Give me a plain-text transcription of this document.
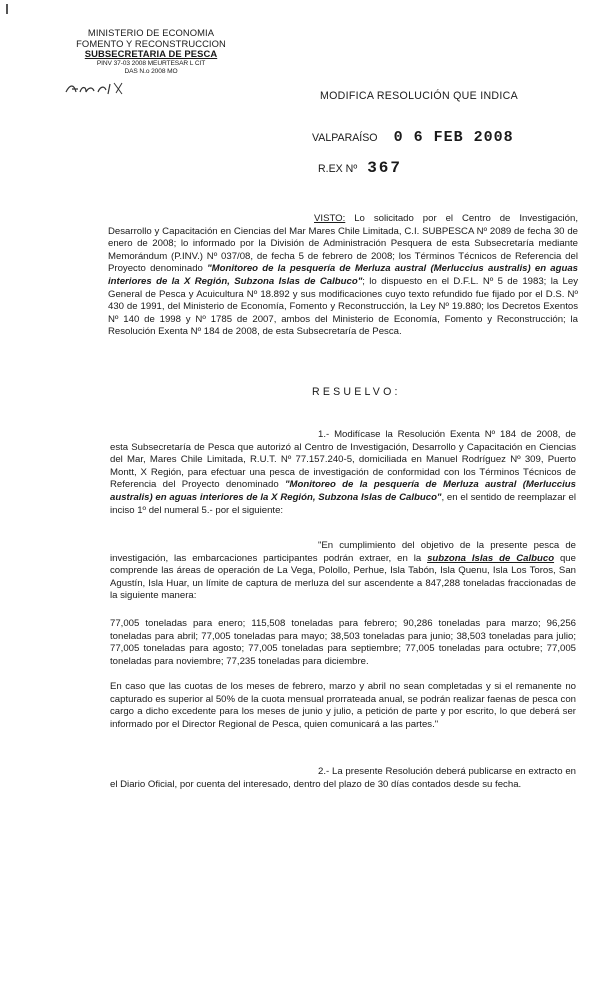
MINISTERIO DE ECONOMIA
FOMENTO Y RECONSTRUCCION
SUBSECRETARIA DE PESCA
PINV 37-03 2008 MEURTESAR L CIT
DAS N.o 2008 MO
MODIFICA RESOLUCIÓN QUE INDICA
VALPARAÍSO 0 6 FEB 2008
R.EX Nº 367

VISTO: Lo solicitado por el Centro de Investigación, Desarrollo y Capacitación en Ciencias del Mar Mares Chile Limitada, C.I. SUBPESCA Nº 2089 de fecha 30 de enero de 2008; lo informado por la División de Administración Pesquera de esta Subsecretaría mediante Memorándum (P.INV.) Nº 037/08, de fecha 5 de febrero de 2008; los Términos Técnicos de Referencia del Proyecto denominado "Monitoreo de la pesquería de Merluza austral (Merluccius australis) en aguas interiores de la X Región, Subzona Islas de Calbuco"; lo dispuesto en el D.F.L. Nº 5 de 1983; la Ley General de Pesca y Acuicultura Nº 18.892 y sus modificaciones cuyo texto refundido fue fijado por el D.S. Nº 430 de 1991, del Ministerio de Economía, Fomento y Reconstrucción, la Ley Nº 19.880; los Decretos Exentos Nº 140 de 1998 y Nº 1785 de 2007, ambos del Ministerio de Economía, Fomento y Reconstrucción; la Resolución Exenta Nº 184 de 2008, de esta Subsecretaría de Pesca.

RESUELVO:

1.- Modifícase la Resolución Exenta Nº 184 de 2008, de esta Subsecretaría de Pesca que autorizó al Centro de Investigación, Desarrollo y Capacitación en Ciencias del Mar, Mares Chile Limitada, R.U.T. Nº 77.157.240-5, domiciliada en Manuel Rodríguez Nº 309, Puerto Montt, X Región, para efectuar una pesca de investigación de conformidad con los Términos Técnicos de Referencia del Proyecto denominado "Monitoreo de la pesquería de Merluza austral (Merluccius australis) en aguas interiores de la X Región, Subzona Islas de Calbuco", en el sentido de reemplazar el inciso 1º del numeral 5.- por el siguiente:

"En cumplimiento del objetivo de la presente pesca de investigación, las embarcaciones participantes podrán extraer, en la subzona Islas de Calbuco que comprende las áreas de operación de La Vega, Polollo, Perhue, Isla Tabón, Isla Quenu, Isla Los Toros, San Agustín, Isla Huar, un límite de captura de merluza del sur ascendente a 847,288 toneladas fraccionadas de la siguiente manera:

77,005 toneladas para enero; 115,508 toneladas para febrero; 90,286 toneladas para marzo; 96,256 toneladas para abril; 77,005 toneladas para mayo; 38,503 toneladas para junio; 38,503 toneladas para julio; 77,005 toneladas para agosto; 77,005 toneladas para septiembre; 77,005 toneladas para octubre; 77,005 toneladas para noviembre; 77,235 toneladas para diciembre.

En caso que las cuotas de los meses de febrero, marzo y abril no sean completadas y si el remanente no capturado es superior al 50% de la cuota mensual prorrateada anual, se podrán realizar faenas de pesca con cargo a dicho excedente para los meses de junio y julio, a petición de parte y por escrito, lo que deberá ser informado por el Director Regional de Pesca, quien comunicará a las partes."

2.- La presente Resolución deberá publicarse en extracto en el Diario Oficial, por cuenta del interesado, dentro del plazo de 30 días contados desde su fecha.
